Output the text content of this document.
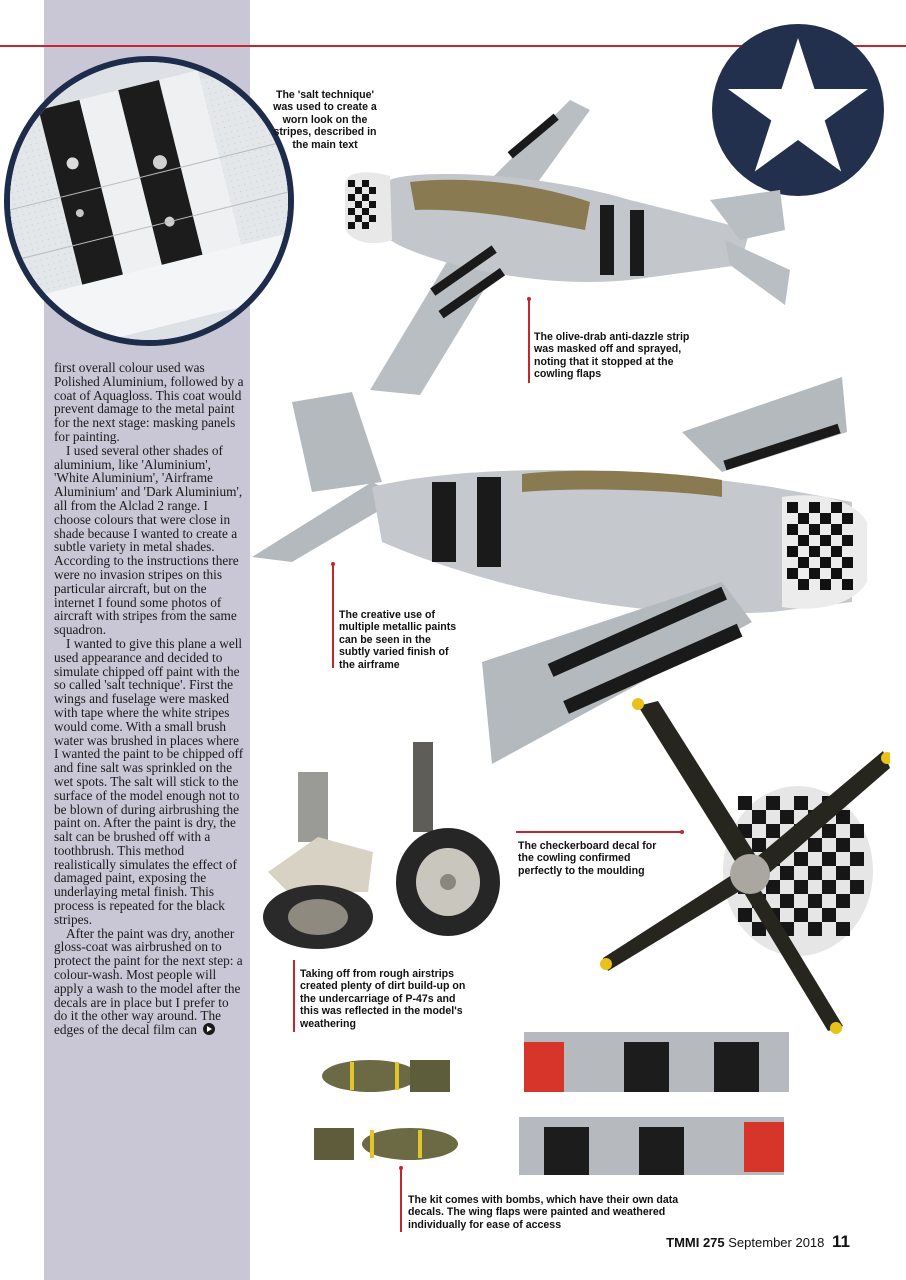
first overall colour used was Polished Aluminium, followed by a coat of Aquagloss. This coat would prevent damage to the metal paint for the next stage: masking panels for painting.

I used several other shades of aluminium, like 'Aluminium', 'White Aluminium', 'Airframe Aluminium' and 'Dark Aluminium', all from the Alclad 2 range. I choose colours that were close in shade because I wanted to create a subtle variety in metal shades. According to the instructions there were no invasion stripes on this particular aircraft, but on the internet I found some photos of aircraft with stripes from the same squadron.

I wanted to give this plane a well used appearance and decided to simulate chipped off paint with the so called 'salt technique'. First the wings and fuselage were masked with tape where the white stripes would come. With a small brush water was brushed in places where I wanted the paint to be chipped off and fine salt was sprinkled on the wet spots. The salt will stick to the surface of the model enough not to be blown of during airbrushing the paint on. After the paint is dry, the salt can be brushed off with a toothbrush. This method realistically simulates the effect of damaged paint, exposing the underlaying metal finish. This process is repeated for the black stripes.

After the paint was dry, another gloss-coat was airbrushed on to protect the paint for the next step: a colour-wash. Most people will apply a wash to the model after the decals are in place but I prefer to do it the other way around. The edges of the decal film can

The 'salt technique' was used to create a worn look on the stripes, described in the main text
The olive-drab anti-dazzle strip was masked off and sprayed, noting that it stopped at the cowling flaps
The creative use of multiple metallic paints can be seen in the subtly varied finish of the airframe
The checkerboard decal for the cowling confirmed perfectly to the moulding
Taking off from rough airstrips created plenty of dirt build-up on the undercarriage of P-47s and this was reflected in the model's weathering
The kit comes with bombs, which have their own data decals. The wing flaps were painted and weathered individually for ease of access
TMMI 275 September 2018 11
